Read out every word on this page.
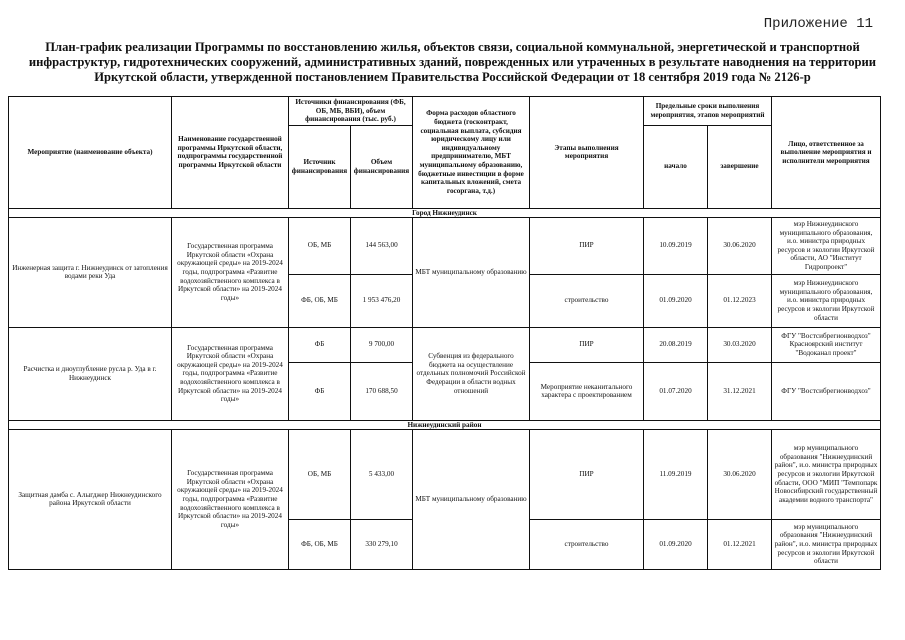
Приложение 11
План-график реализации Программы по восстановлению жилья, объектов связи, социальной коммунальной, энергетической и транспортной
инфраструктур, гидротехнических сооружений, административных зданий, поврежденных или утраченных в результате наводнения на территории
Иркутской области, утвержденной постановлением Правительства Российской Федерации от 18 сентября 2019 года № 2126-р
Мероприятие (наименование объекта)	Наименование государственной программы Иркутской области, подпрограммы государственной программы Иркутской области	Источники финансирования (ФБ, ОБ, МБ, ВБИ), объем финансирования (тыс. руб.)		Форма расходов областного бюджета (госконтракт, социальная выплата, субсидия юридическому лицу или индивидуальному предпринимателю, МБТ муниципальному образованию, бюджетные инвестиции в форме капитальных вложений, смета госоргана, т.д.)	Этапы выполнения мероприятия	Предельные сроки выполнения мероприятия, этапов мероприятий		Лицо, ответственное за выполнение мероприятия и исполнители мероприятия
		Источник финансирования	Объем финансирования			начало	завершение	
Город Нижнеудинск								
Инженерная защита г. Нижнеудинск от затопления водами реки Уда	Государственная программа Иркутской области «Охрана окружающей среды» на 2019-2024 годы, подпрограмма «Развитие водохозяйственного комплекса в Иркутской области» на 2019-2024 годы»	ОБ, МБ	144 563,00	МБТ муниципальному образованию	ПИР	10.09.2019	30.06.2020	мэр Нижнеудинского муниципального образования, и.о. министра природных ресурсов и экологии Иркутской области, АО "Институт Гидропроект"
		ФБ, ОБ, МБ	1 953 476,20		строительство	01.09.2020	01.12.2023	мэр Нижнеудинского муниципального образования, и.о. министра природных ресурсов и экологии Иркутской области
Расчистка и дноуглубление русла р. Уда в г. Нижнеудинск	Государственная программа Иркутской области «Охрана окружающей среды» на 2019-2024 годы, подпрограмма «Развитие водохозяйственного комплекса в Иркутской области» на 2019-2024 годы»	ФБ	9 700,00	Субвенция из федерального бюджета на осуществление отдельных полномочий Российской Федерации в области водных отношений	ПИР	20.08.2019	30.03.2020	ФГУ "Востсибрегионводхоз" Красноярский институт "Водоканал проект"
		ФБ	170 688,50		Мероприятие неканитального характера с проектированием	01.07.2020	31.12.2021	ФГУ "Востсибрегионводхоз"
Нижнеудинский район								
Защитная дамба с. Алыгджер Нижнеудинского района Иркутской области	Государственная программа Иркутской области «Охрана окружающей среды» на 2019-2024 годы, подпрограмма «Развитие водохозяйственного комплекса в Иркутской области» на 2019-2024 годы»	ОБ, МБ	5 433,00	МБТ муниципальному образованию	ПИР	11.09.2019	30.06.2020	мэр муниципального образования "Нижнеудинский район", и.о. министра природных ресурсов и экологии Иркутской области, ООО "МИП "Темпопарк Новосибирский государственный академии водного транспорта"
		ФБ, ОБ, МБ	330 279,10		строительство	01.09.2020	01.12.2021	мэр муниципального образования "Нижнеудинский район", и.о. министра природных ресурсов и экологии Иркутской области
